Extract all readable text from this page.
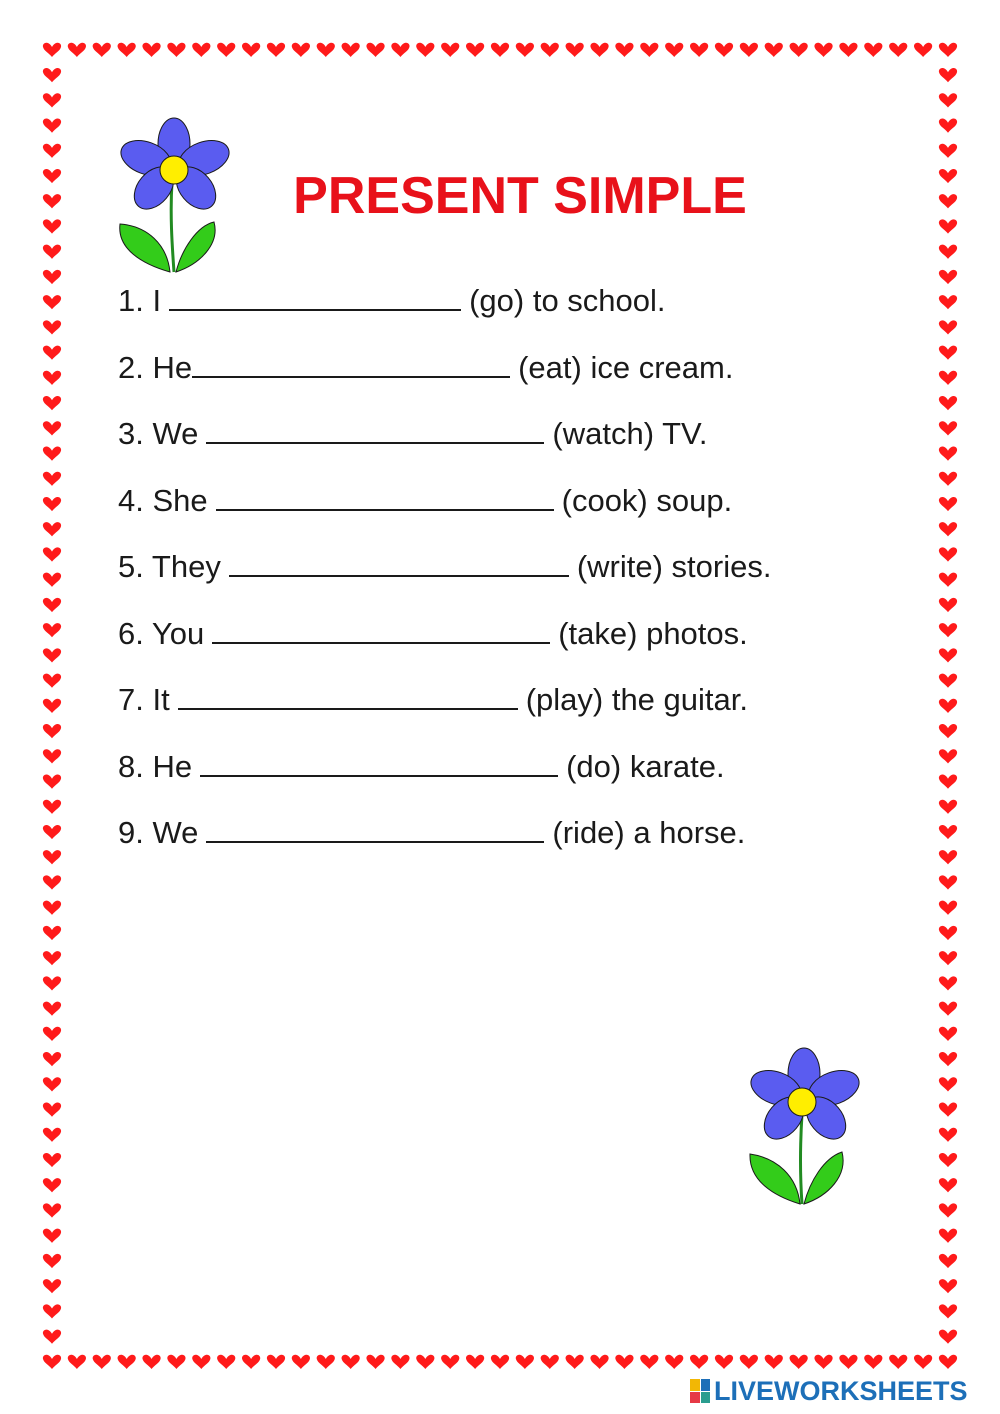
PRESENT SIMPLE
1. I	(go) to school.
2. He	(eat) ice cream.
3. We	(watch) TV.
4. She	(cook) soup.
5. They	(write) stories.
6. You	(take) photos.
7. It	(play) the guitar.
8. He	(do) karate.
9. We	(ride) a horse.
LIVEWORKSHEETS
